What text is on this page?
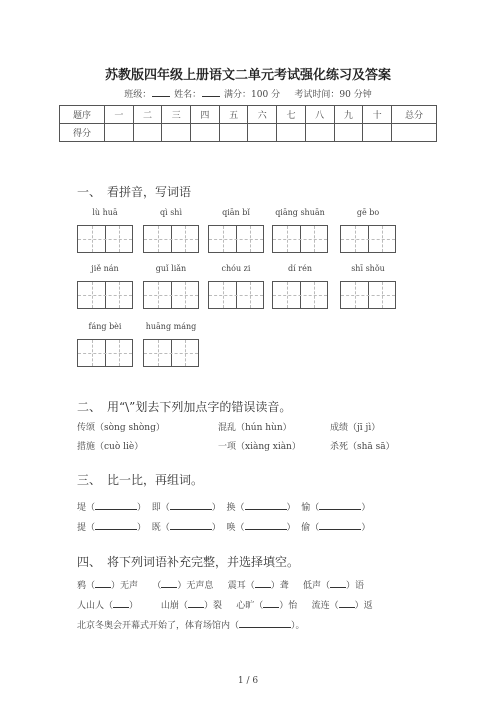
苏教版四年级上册语文二单元考试强化练习及答案
班级：	姓名：	满分：100 分 考试时间：90 分钟
题序	一	二	三	四	五	六	七	八	九	十	总分
得分											
一、　看拼音，写词语
lù huā	qì shì	qiān bǐ	qiāng shuān	gē bo
jiě nán	guǐ liǎn	chóu zi	dí rén	shī shǒu
fáng bèi	huāng máng
二、　用“\”划去下列加点字的错误读音。
传颂（sòng shòng）	混乱（hún hùn）	成绩（jī jì）
措施（cuò liè）	一项（xiàng xiàn）	杀死（shā sā）
三、　比一比，再组词。
堤（	） 即（	） 换（	） 愉（	）
提（	） 既（	） 唤（	） 偷（	）
四、　将下列词语补充完整，并选择填空。
鸦（ ）无声 （ ）无声息 震耳（ ）聋 低声（ ）语
人山人（ ）	山崩（ ）裂 心旷（ ）怡 流连（ ）返
北京冬奥会开幕式开始了，体育场馆内（	）。
1 / 6
